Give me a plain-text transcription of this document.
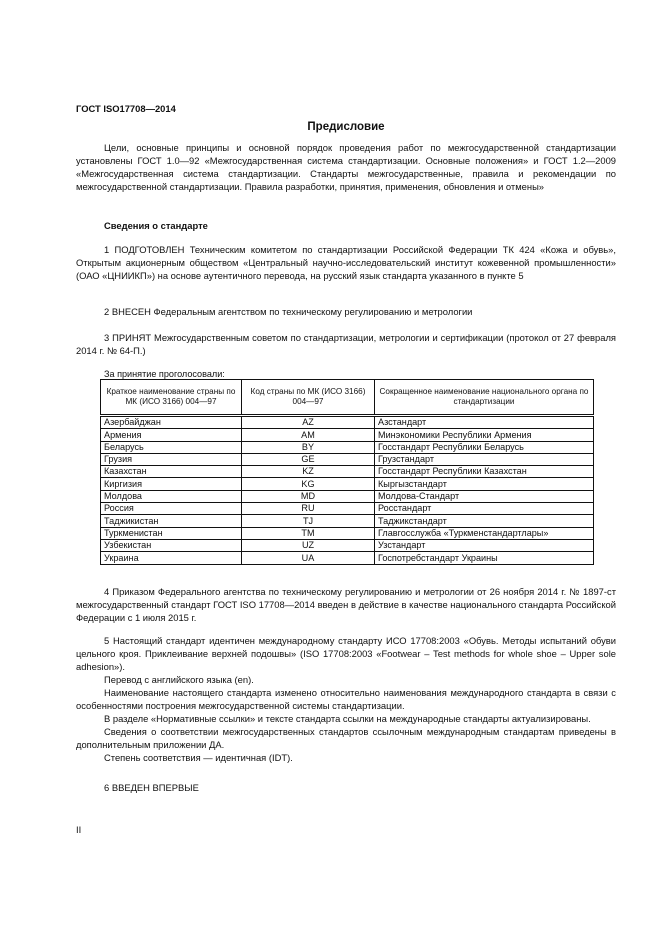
ГОСТ ISO17708—2014
Предисловие

Цели, основные принципы и основной порядок проведения работ по межгосударственной стандартизации установлены ГОСТ 1.0—92 «Межгосударственная система стандартизации. Основные положения» и ГОСТ 1.2—2009 «Межгосударственная система стандартизации. Стандарты межгосударственные, правила и рекомендации по межгосударственной стандартизации. Правила разработки, принятия, применения, обновления и отмены»

Сведения о стандарте

1 ПОДГОТОВЛЕН Техническим комитетом по стандартизации Российской Федерации ТК 424 «Кожа и обувь», Открытым акционерным обществом «Центральный научно-исследовательский институт кожевенной промышленности» (ОАО «ЦНИИКП») на основе аутентичного перевода, на русский язык стандарта указанного в пункте 5

2 ВНЕСЕН Федеральным агентством по техническому регулированию и метрологии

3 ПРИНЯТ Межгосударственным советом по стандартизации, метрологии и сертификации (протокол от 27 февраля 2014 г. № 64-П.)

За принятие проголосовали:
Краткое наименование страны по МК (ИСО 3166) 004—97	Код страны по МК (ИСО 3166) 004—97	Сокращенное наименование национального органа по стандартизации
Азербайджан	AZ	Азстандарт
Армения	AM	Минэкономики Республики Армения
Беларусь	BY	Госстандарт Республики Беларусь
Грузия	GE	Грузстандарт
Казахстан	KZ	Госстандарт Республики Казахстан
Киргизия	KG	Кыргызстандарт
Молдова	MD	Молдова-Стандарт
Россия	RU	Росстандарт
Таджикистан	TJ	Таджикстандарт
Туркменистан	TM	Главгосслужба «Туркменстандартлары»
Узбекистан	UZ	Узстандарт
Украина	UA	Госпотребстандарт Украины

4 Приказом Федерального агентства по техническому регулированию и метрологии от 26 ноября 2014 г. № 1897-ст межгосударственный стандарт ГОСТ ISO 17708—2014 введен в действие в качестве национального стандарта Российской Федерации с 1 июля 2015 г.

5 Настоящий стандарт идентичен международному стандарту ИСО 17708:2003 «Обувь. Методы испытаний обуви цельного кроя. Приклеивание верхней подошвы» (ISO 17708:2003 «Footwear – Test methods for whole shoe – Upper sole adhesion»).

Перевод с английского языка (en).

Наименование настоящего стандарта изменено относительно наименования международного стандарта в связи с особенностями построения межгосударственной системы стандартизации.

В разделе «Нормативные ссылки» и тексте стандарта ссылки на международные стандарты актуализированы.

Сведения о соответствии межгосударственных стандартов ссылочным международным стандартам приведены в дополнительным приложении ДА.

Степень соответствия — идентичная (IDT).

6 ВВЕДЕН ВПЕРВЫЕ

II
